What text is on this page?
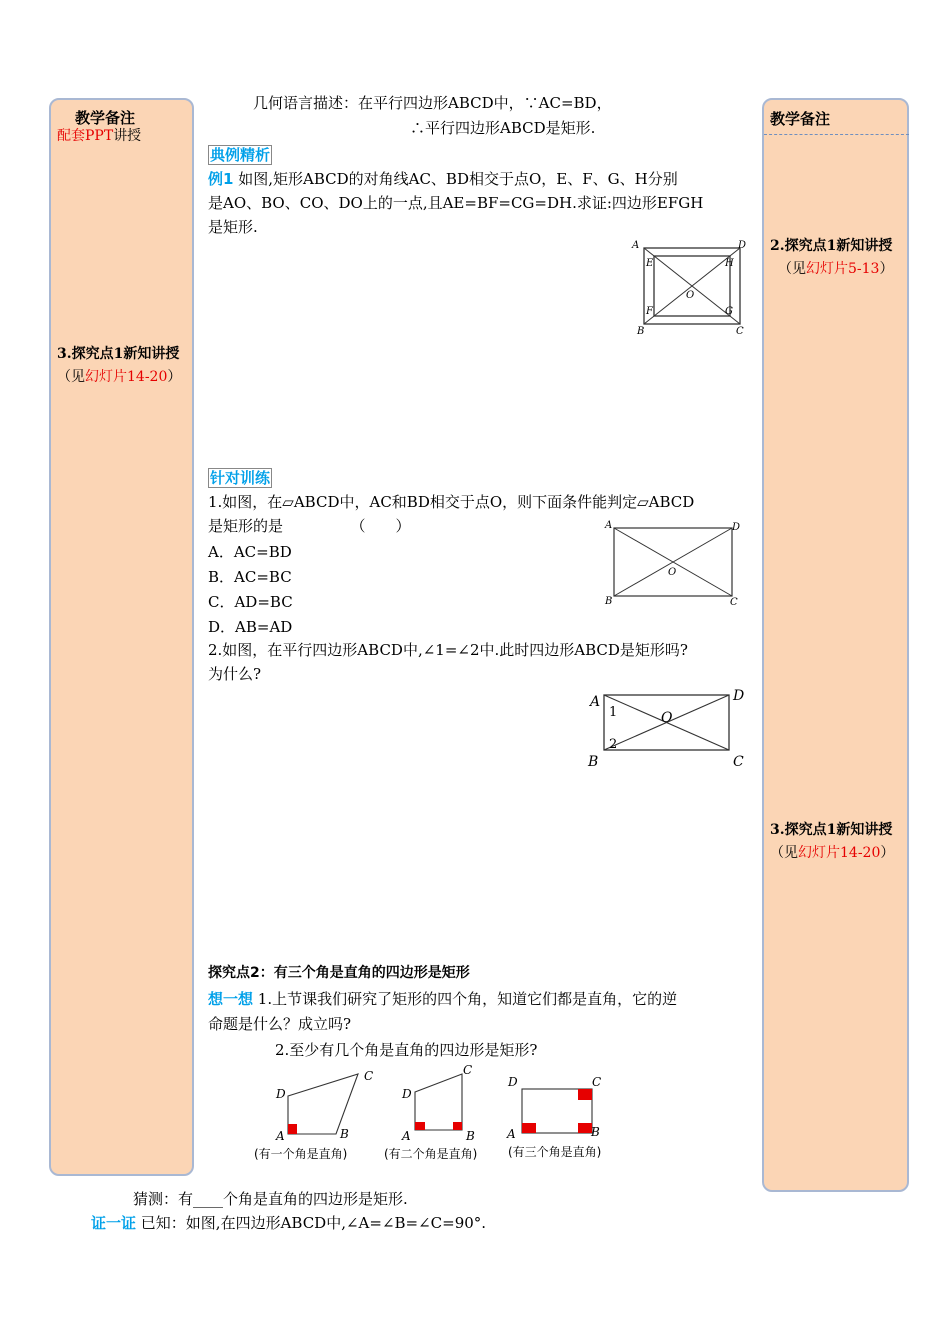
教学备注
配套PPT讲授
3.探究点1新知讲授
（见幻灯片14-20）
教学备注
2.探究点1新知讲授
（见幻灯片5-13）
3.探究点1新知讲授
（见幻灯片14-20）
几何语言描述：在平行四边形ABCD中，∵AC=BD，
∴平行四边形ABCD是矩形.
典例精析
例1 如图,矩形ABCD的对角线AC、BD相交于点O，E、F、G、H分别
是AO、BO、CO、DO上的一点,且AE=BF=CG=DH.求证:四边形EFGH
是矩形.
A	D
B	C
E	H
F	G
O
针对训练
1.如图，在▱ABCD中，AC和BD相交于点O，则下面条件能判定▱ABCD
是矩形的是　　　　　（　　）
A．AC=BD
B．AC=BC
C．AD=BC
D．AB=AD
A	D
B	C
O
2.如图，在平行四边形ABCD中,∠1=∠2中.此时四边形ABCD是矩形吗?
为什么?
A	D
B	C
O
1
2
探究点2：有三个角是直角的四边形是矩形
想一想 1.上节课我们研究了矩形的四个角，知道它们都是直角，它的逆
命题是什么？成立吗?
2.至少有几个角是直角的四边形是矩形?
D
C
A	B
D
C
A	B
D	C
A	B
(有一个角是直角)	(有二个角是直角)	(有三个角是直角)
猜测：有____个角是直角的四边形是矩形.
证一证 已知：如图,在四边形ABCD中,∠A=∠B=∠C=90°.
